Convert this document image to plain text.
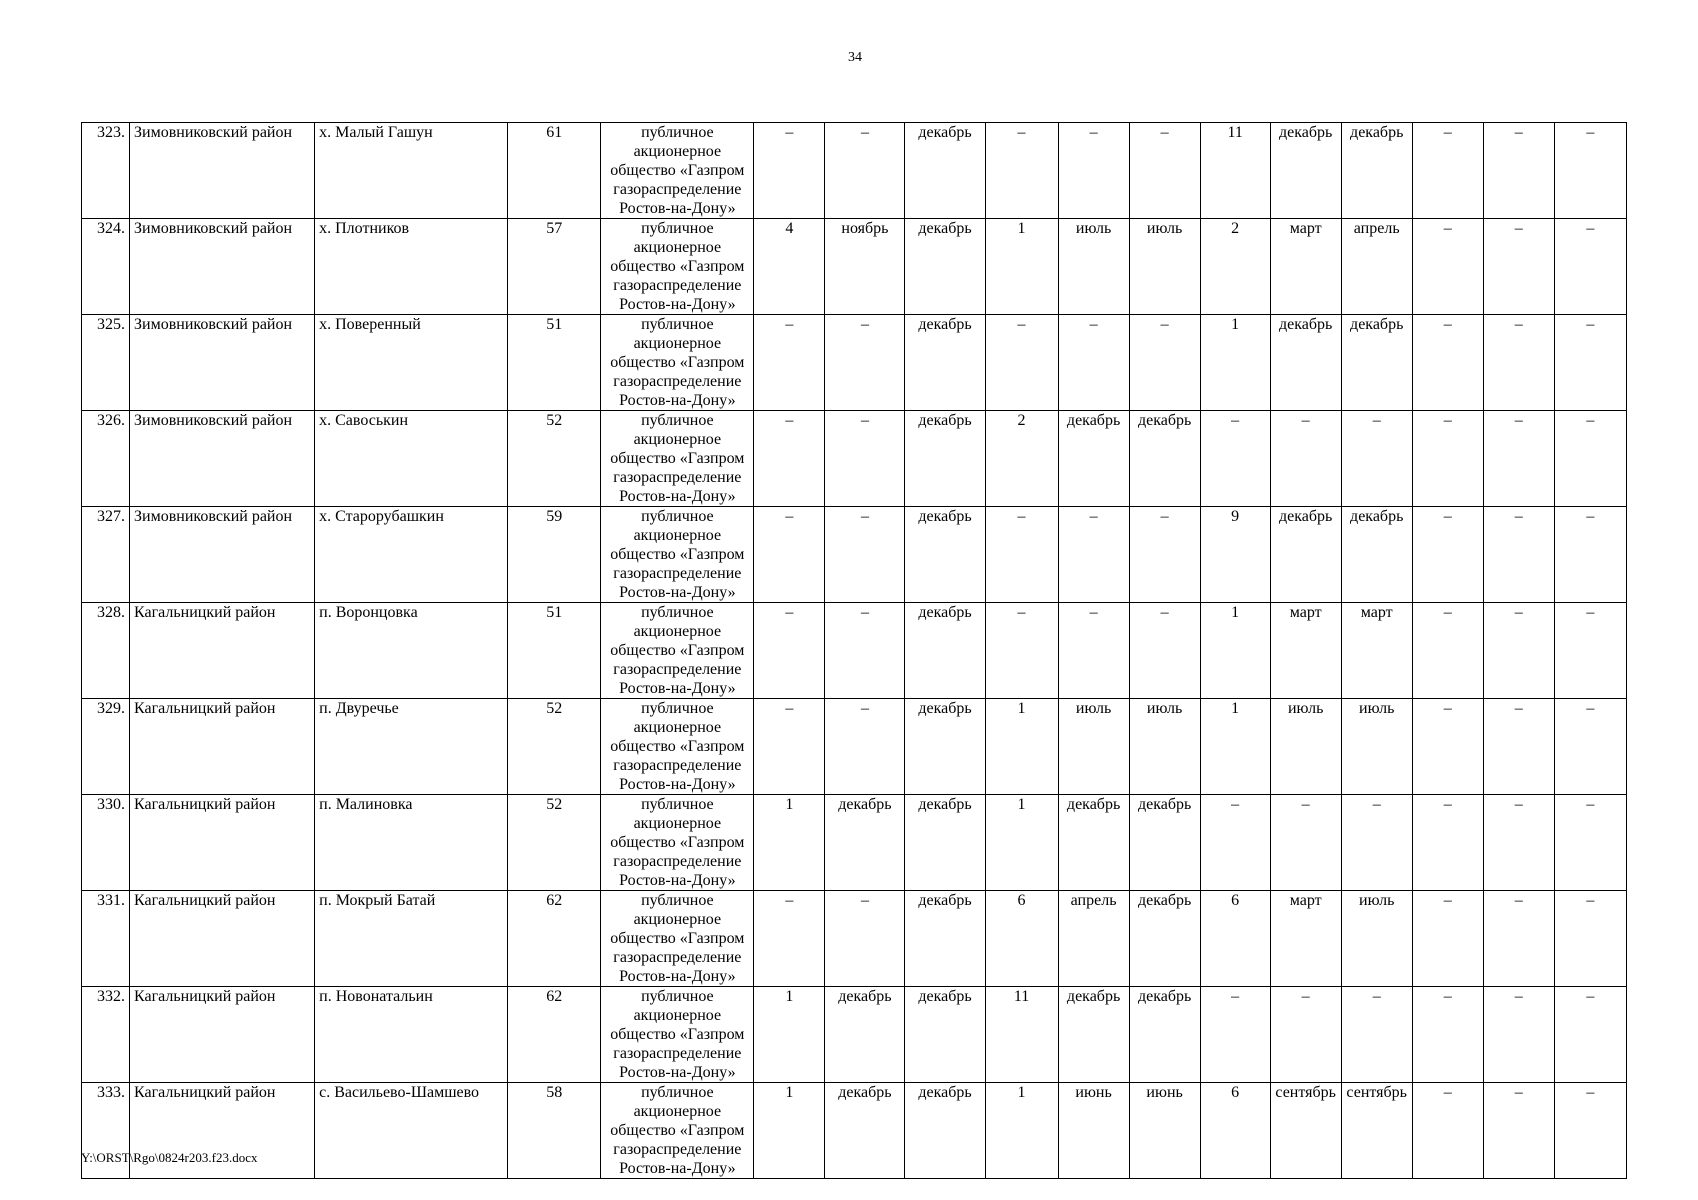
34
323.	Зимовниковский район	х. Малый Гашун	61	публичное акционерное общество «Газпром газораспределение Ростов-на-Дону»	–	–	декабрь	–	–	–	11	декабрь	декабрь	–	–	–
324.	Зимовниковский район	х. Плотников	57	публичное акционерное общество «Газпром газораспределение Ростов-на-Дону»	4	ноябрь	декабрь	1	июль	июль	2	март	апрель	–	–	–
325.	Зимовниковский район	х. Поверенный	51	публичное акционерное общество «Газпром газораспределение Ростов-на-Дону»	–	–	декабрь	–	–	–	1	декабрь	декабрь	–	–	–
326.	Зимовниковский район	х. Савоськин	52	публичное акционерное общество «Газпром газораспределение Ростов-на-Дону»	–	–	декабрь	2	декабрь	декабрь	–	–	–	–	–	–
327.	Зимовниковский район	х. Старорубашкин	59	публичное акционерное общество «Газпром газораспределение Ростов-на-Дону»	–	–	декабрь	–	–	–	9	декабрь	декабрь	–	–	–
328.	Кагальницкий район	п. Воронцовка	51	публичное акционерное общество «Газпром газораспределение Ростов-на-Дону»	–	–	декабрь	–	–	–	1	март	март	–	–	–
329.	Кагальницкий район	п. Двуречье	52	публичное акционерное общество «Газпром газораспределение Ростов-на-Дону»	–	–	декабрь	1	июль	июль	1	июль	июль	–	–	–
330.	Кагальницкий район	п. Малиновка	52	публичное акционерное общество «Газпром газораспределение Ростов-на-Дону»	1	декабрь	декабрь	1	декабрь	декабрь	–	–	–	–	–	–
331.	Кагальницкий район	п. Мокрый Батай	62	публичное акционерное общество «Газпром газораспределение Ростов-на-Дону»	–	–	декабрь	6	апрель	декабрь	6	март	июль	–	–	–
332.	Кагальницкий район	п. Новонатальин	62	публичное акционерное общество «Газпром газораспределение Ростов-на-Дону»	1	декабрь	декабрь	11	декабрь	декабрь	–	–	–	–	–	–
333.	Кагальницкий район	с. Васильево-Шамшево	58	публичное акционерное общество «Газпром газораспределение Ростов-на-Дону»	1	декабрь	декабрь	1	июнь	июнь	6	сентябрь	сентябрь	–	–	–
Y:\ORST\Rgo\0824r203.f23.docx
